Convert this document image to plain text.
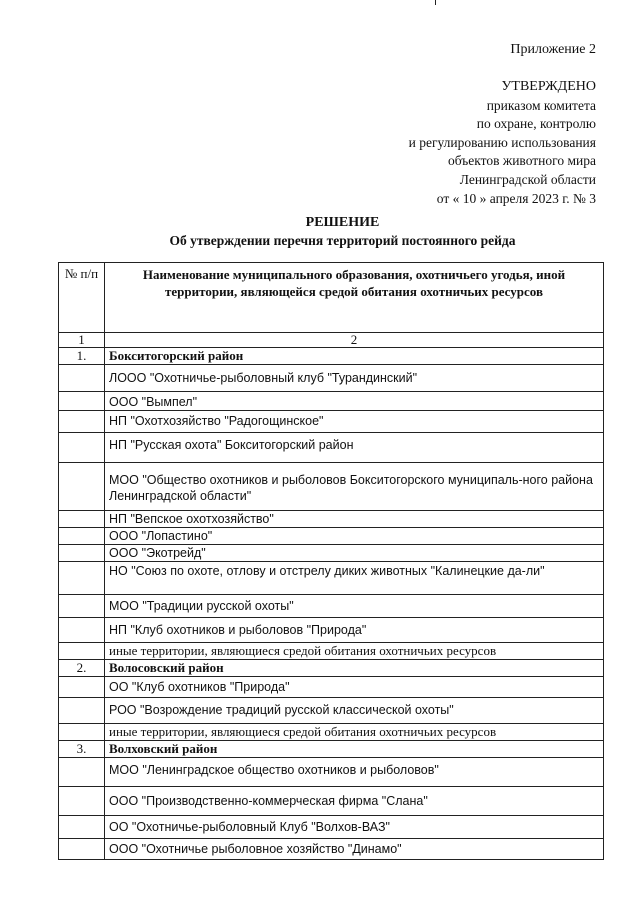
Приложение 2
УТВЕРЖДЕНО
приказом комитета
по охране, контролю
и регулированию использования
объектов животного мира
Ленинградской области
от « 10 » апреля 2023 г. № 3
РЕШЕНИЕ
Об утверждении перечня территорий постоянного рейда
№ п/п	Наименование муниципального образования, охотничьего угодья, иной территории, являющейся средой обитания охотничьих ресурсов
1	2
1.	Бокситогорский район
	ЛООО "Охотничье-рыболовный клуб "Турандинский"
	ООО "Вымпел"
	НП "Охотхозяйство "Радогощинское"
	НП "Русская охота" Бокситогорский район
	МОО "Общество охотников и рыболовов Бокситогорского муниципаль-ного района Ленинградской области"
	НП "Вепское охотхозяйство"
	ООО "Лопастино"
	ООО "Экотрейд"
	НО "Союз по охоте, отлову и отстрелу диких животных "Калинецкие да-ли"
	МОО "Традиции русской охоты"
	НП "Клуб охотников и рыболовов "Природа"
	иные территории, являющиеся средой обитания охотничьих ресурсов
2.	Волосовский район
	ОО "Клуб охотников "Природа"
	РОО "Возрождение традиций русской классической охоты"
	иные территории, являющиеся средой обитания охотничьих ресурсов
3.	Волховский район
	МОО "Ленинградское общество охотников и рыболовов"
	ООО "Производственно-коммерческая фирма "Слана"
	ОО "Охотничье-рыболовный Клуб "Волхов-ВАЗ"
	ООО "Охотничье рыболовное хозяйство "Динамо"
